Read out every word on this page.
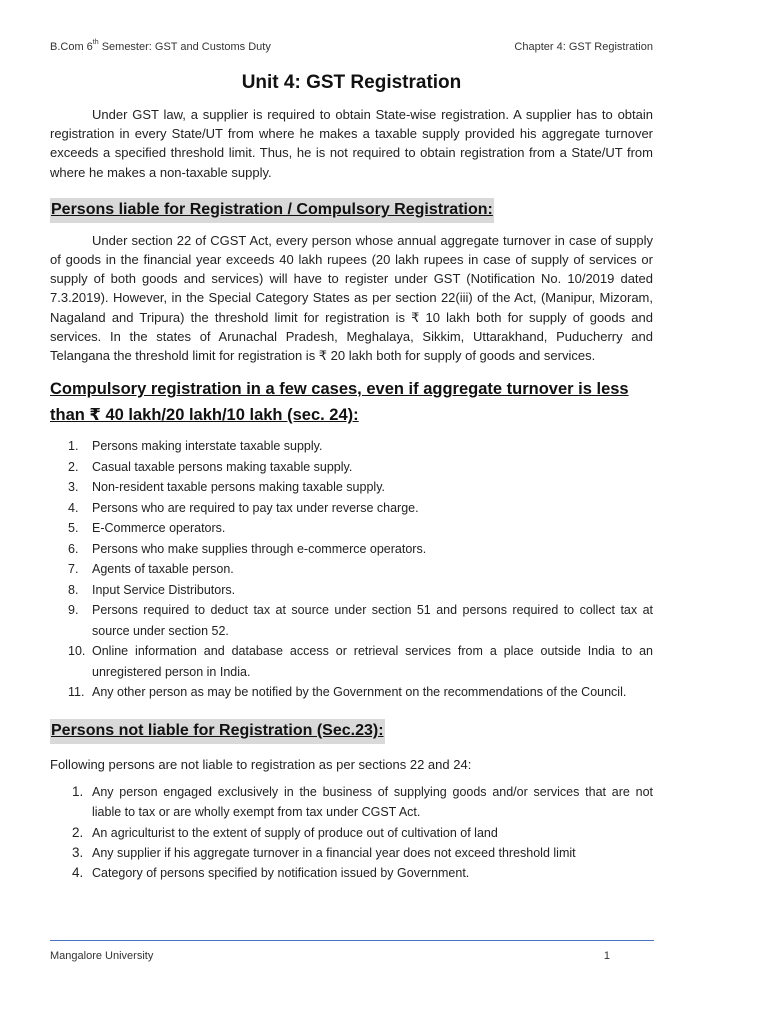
B.Com 6th Semester: GST and Customs Duty	Chapter 4: GST Registration
Unit 4: GST Registration

Under GST law, a supplier is required to obtain State-wise registration. A supplier has to obtain registration in every State/UT from where he makes a taxable supply provided his aggregate turnover exceeds a specified threshold limit. Thus, he is not required to obtain registration from a State/UT from where he makes a non-taxable supply.

Persons liable for Registration / Compulsory Registration:

Under section 22 of CGST Act, every person whose annual aggregate turnover in case of supply of goods in the financial year exceeds 40 lakh rupees (20 lakh rupees in case of supply of services or supply of both goods and services) will have to register under GST (Notification No. 10/2019 dated 7.3.2019). However, in the Special Category States as per section 22(iii) of the Act, (Manipur, Mizoram, Nagaland and Tripura) the threshold limit for registration is ₹ 10 lakh both for supply of goods and services. In the states of Arunachal Pradesh, Meghalaya, Sikkim, Uttarakhand, Puducherry and Telangana the threshold limit for registration is ₹ 20 lakh both for supply of goods and services.

Compulsory registration in a few cases, even if aggregate turnover is less than ₹ 40 lakh/20 lakh/10 lakh (sec. 24):
1. Persons making interstate taxable supply.
2. Casual taxable persons making taxable supply.
3. Non-resident taxable persons making taxable supply.
4. Persons who are required to pay tax under reverse charge.
5. E-Commerce operators.
6. Persons who make supplies through e-commerce operators.
7. Agents of taxable person.
8. Input Service Distributors.
9. Persons required to deduct tax at source under section 51 and persons required to collect tax at source under section 52.
10. Online information and database access or retrieval services from a place outside India to an unregistered person in India.
11. Any other person as may be notified by the Government on the recommendations of the Council.
Persons not liable for Registration (Sec.23):

Following persons are not liable to registration as per sections 22 and 24:

1. Any person engaged exclusively in the business of supplying goods and/or services that are not liable to tax or are wholly exempt from tax under CGST Act.
2. An agriculturist to the extent of supply of produce out of cultivation of land
3. Any supplier if his aggregate turnover in a financial year does not exceed threshold limit
4. Category of persons specified by notification issued by Government.
Mangalore University	1
